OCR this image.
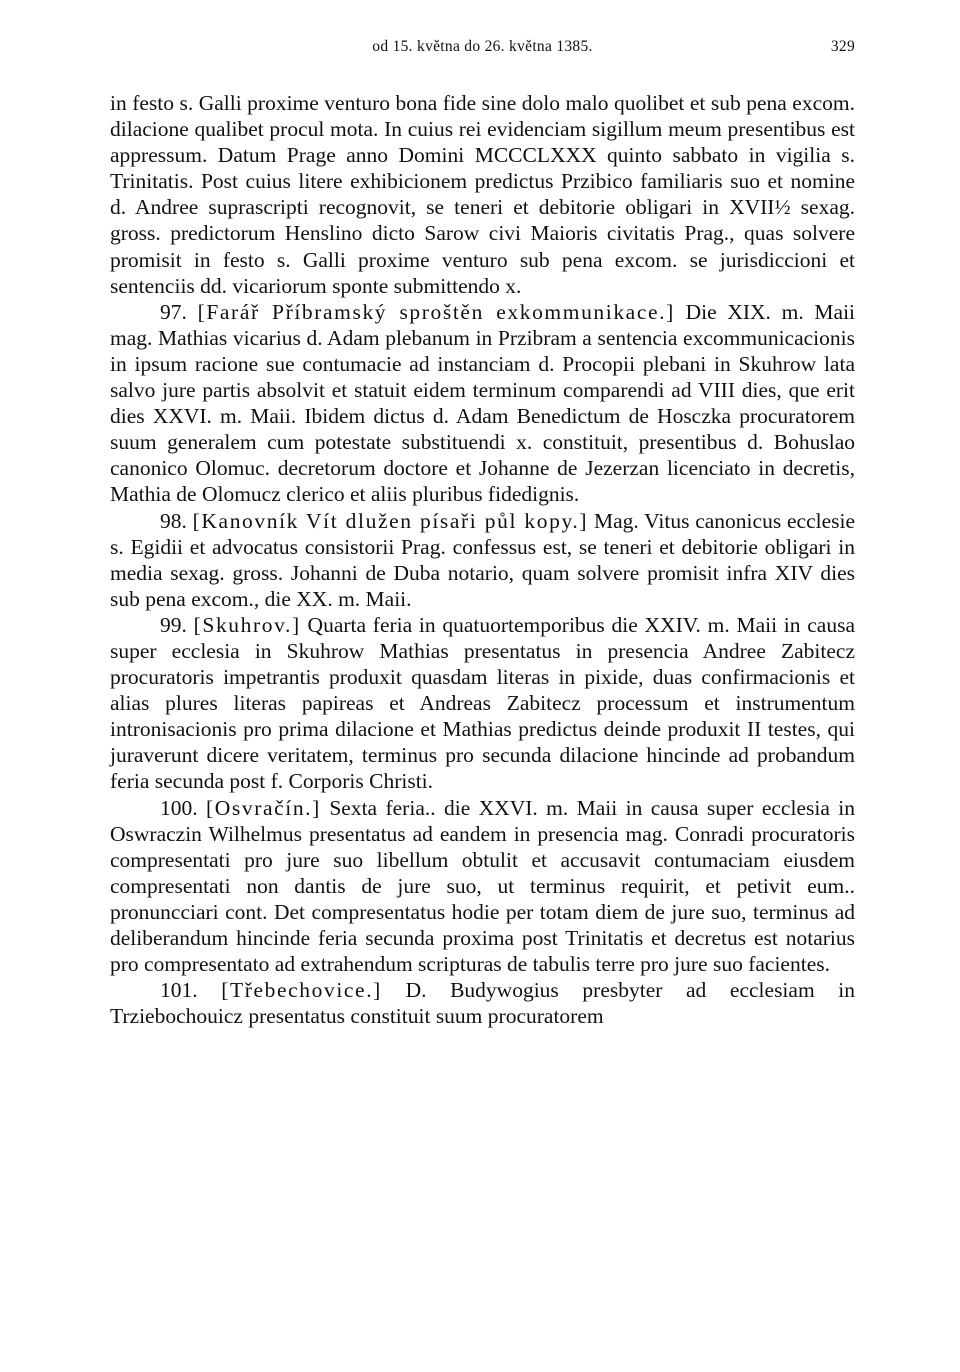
od 15. května do 26. května 1385.	329

in festo s. Galli proxime venturo bona fide sine dolo malo quolibet et sub pena excom. dilacione qualibet procul mota. In cuius rei evidenciam sigillum meum presentibus est appressum. Datum Prage anno Domini MCCCLXXX quinto sabbato in vigilia s. Trinitatis. Post cuius litere exhibicionem predictus Przibico familiaris suo et nomine d. Andree suprascripti recognovit, se teneri et debitorie obligari in XVII½ sexag. gross. predictorum Henslino dicto Sarow civi Maioris civitatis Prag., quas solvere promisit in festo s. Galli proxime venturo sub pena excom. se jurisdiccioni et sentenciis dd. vicariorum sponte submittendo x.

97. [Farář Příbramský sproštěn exkommunikace.] Die XIX. m. Maii mag. Mathias vicarius d. Adam plebanum in Przibram a sentencia excommunicacionis in ipsum racione sue contumacie ad instanciam d. Procopii plebani in Skuhrow lata salvo jure partis absolvit et statuit eidem terminum comparendi ad VIII dies, que erit dies XXVI. m. Maii. Ibidem dictus d. Adam Benedictum de Hosczka procuratorem suum generalem cum potestate substituendi x. constituit, presentibus d. Bohuslao canonico Olomuc. decretorum doctore et Johanne de Jezerzan licenciato in decretis, Mathia de Olomucz clerico et aliis pluribus fidedignis.

98. [Kanovník Vít dlužen písaři půl kopy.] Mag. Vitus canonicus ecclesie s. Egidii et advocatus consistorii Prag. confessus est, se teneri et debitorie obligari in media sexag. gross. Johanni de Duba notario, quam solvere promisit infra XIV dies sub pena excom., die XX. m. Maii.

99. [Skuhrov.] Quarta feria in quatuortemporibus die XXIV. m. Maii in causa super ecclesia in Skuhrow Mathias presentatus in presencia Andree Zabitecz procuratoris impetrantis produxit quasdam literas in pixide, duas confirmacionis et alias plures literas papireas et Andreas Zabitecz processum et instrumentum intronisacionis pro prima dilacione et Mathias predictus deinde produxit II testes, qui juraverunt dicere veritatem, terminus pro secunda dilacione hincinde ad probandum feria secunda post f. Corporis Christi.

100. [Osvračín.] Sexta feria.. die XXVI. m. Maii in causa super ecclesia in Oswraczin Wilhelmus presentatus ad eandem in presencia mag. Conradi procuratoris compresentati pro jure suo libellum obtulit et accusavit contumaciam eiusdem compresentati non dantis de jure suo, ut terminus requirit, et petivit eum.. pronuncciari cont. Det compresentatus hodie per totam diem de jure suo, terminus ad deliberandum hincinde feria secunda proxima post Trinitatis et decretus est notarius pro compresentato ad extrahendum scripturas de tabulis terre pro jure suo facientes.

101. [Třebechovice.] D. Budywogius presbyter ad ecclesiam in Trziebochouicz presentatus constituit suum procuratorem
